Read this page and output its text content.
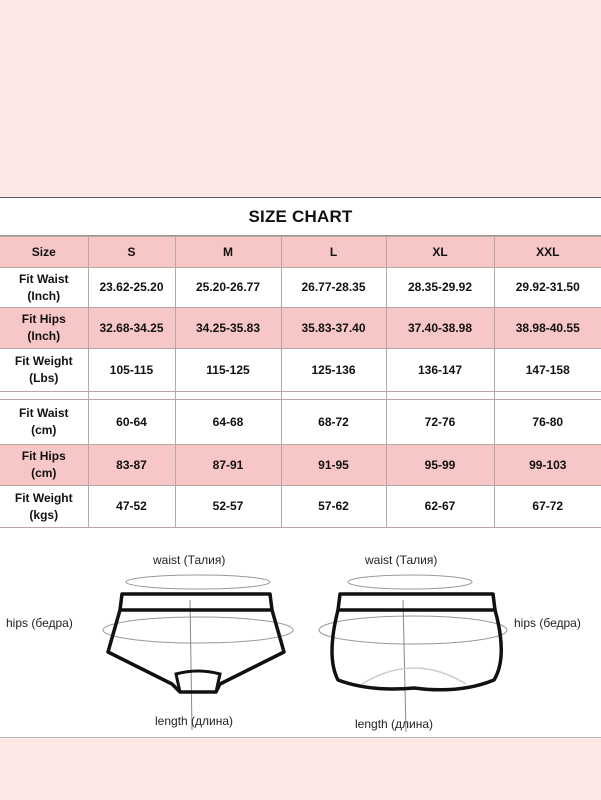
SIZE CHART
Size	S	M	L	XL	XXL
Fit Waist
(Inch)	23.62-25.20	25.20-26.77	26.77-28.35	28.35-29.92	29.92-31.50
Fit Hips
(Inch)	32.68-34.25	34.25-35.83	35.83-37.40	37.40-38.98	38.98-40.55
Fit Weight
(Lbs)	105-115	115-125	125-136	136-147	147-158

Fit Waist
(cm)	60-64	64-68	68-72	72-76	76-80
Fit Hips
(cm)	83-87	87-91	91-95	95-99	99-103
Fit Weight
(kgs)	47-52	52-57	57-62	62-67	67-72
waist (Талия)
hips (бедра)
length (длина)
waist (Талия)
hips (бедра)
length (длина)
